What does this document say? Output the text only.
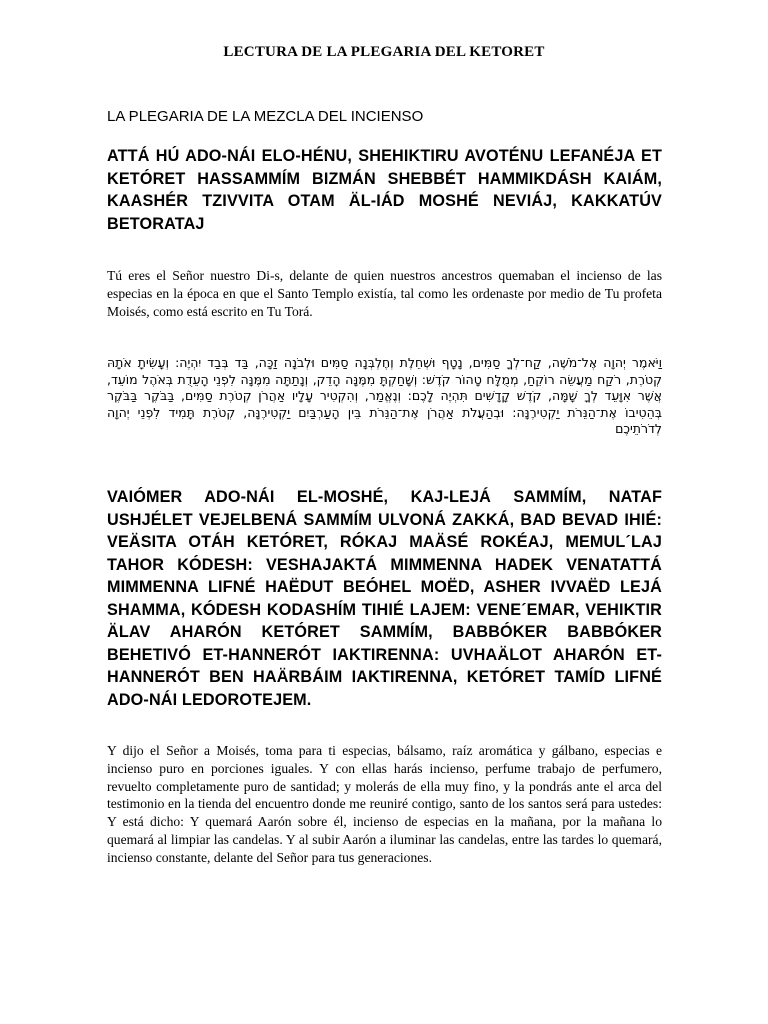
LECTURA DE LA PLEGARIA DEL KETORET
LA PLEGARIA DE LA MEZCLA DEL INCIENSO
ATTÁ HÚ ADO-NÁI ELO-HÉNU, SHEHIKTIRU AVOTÉNU LEFANÉJA ET KETÓRET HASSAMMÍM BIZMÁN SHEBBÉT HAMMIKDÁSH KAIÁM, KAASHÉR TZIVVITA OTAM ÄL-IÁD MOSHÉ NEVIÁJ, KAKKATÚV BETORATAJ
Tú eres el Señor nuestro Di-s, delante de quien nuestros ancestros quemaban el incienso de las especias en la época en que el Santo Templo existía, tal como les ordenaste por medio de Tu profeta Moisés, como está escrito en Tu Torá.
וַיֹּאמֶר יְהוָה אֶל־מֹשֶׁה, קַח־לְךָ סַמִּים, נָטָף וּשְׁחֵלֶת וְחֶלְבְּנָה סַמִּים וּלְבֹנָה זַכָּה, בַּד בְּבַד יִהְיֶה: וְעָשִׂיתָ אֹתָהּ קְטֹרֶת, רֹקַח מַעֲשֵׂה רוֹקֵחַ, מְמֻלָּח טָהוֹר קֹדֶשׁ: וְשָׁחַקְתָּ מִמֶּנָּה הָדֵק, וְנָתַתָּה מִמֶּנָּה לִפְנֵי הָעֵדֻת בְּאֹהֶל מוֹעֵד, אֲשֶׁר אִוָּעֵד לְךָ שָׁמָּה, קֹדֶשׁ קָדָשִׁים תִּהְיֶה לָכֶם: וְנֶאֱמַר, וְהִקְטִיר עָלָיו אַהֲרֹן קְטֹרֶת סַמִּים, בַּבֹּקֶר בַּבֹּקֶר בְּהֵטִיבוֹ אֶת־הַנֵּרֹת יַקְטִירֶנָּה: וּבְהַעֲלֹת אַהֲרֹן אֶת־הַנֵּרֹת בֵּין הָעַרְבַּיִם יַקְטִירֶנָּה, קְטֹרֶת תָּמִיד לִפְנֵי יְהוָה לְדֹרֹתֵיכֶם
VAIÓMER ADO-NÁI EL-MOSHÉ, KAJ-LEJÁ SAMMÍM, NATAF USHJÉLET VEJELBENÁ SAMMÍM ULVONÁ ZAKKÁ, BAD BEVAD IHIÉ: VEÄSITA OTÁH KETÓRET, RÓKAJ MAÄSÉ ROKÉAJ, MEMUL´LAJ TAHOR KÓDESH: VESHAJAKTÁ MIMMENNA HADEK VENATATTÁ MIMMENNA LIFNÉ HAËDUT BEÓHEL MOËD, ASHER IVVAËD LEJÁ SHAMMA, KÓDESH KODASHÍM TIHIÉ LAJEM: VENE´EMAR, VEHIKTIR ÄLAV AHARÓN KETÓRET SAMMÍM, BABBÓKER BABBÓKER BEHETIVÓ ET-HANNERÓT IAKTIRENNA: UVHAÄLOT AHARÓN ET-HANNERÓT BEN HAÄRBÁIM IAKTIRENNA, KETÓRET TAMÍD LIFNÉ ADO-NÁI LEDOROTEJEM.
Y dijo el Señor a Moisés, toma para ti especias, bálsamo, raíz aromática y gálbano, especias e incienso puro en porciones iguales. Y con ellas harás incienso, perfume trabajo de perfumero, revuelto completamente puro de santidad; y molerás de ella muy fino, y la pondrás ante el arca del testimonio en la tienda del encuentro donde me reuniré contigo, santo de los santos será para ustedes: Y está dicho: Y quemará Aarón sobre él, incienso de especias en la mañana, por la mañana lo quemará al limpiar las candelas. Y al subir Aarón a iluminar las candelas, entre las tardes lo quemará, incienso constante, delante del Señor para tus generaciones.
